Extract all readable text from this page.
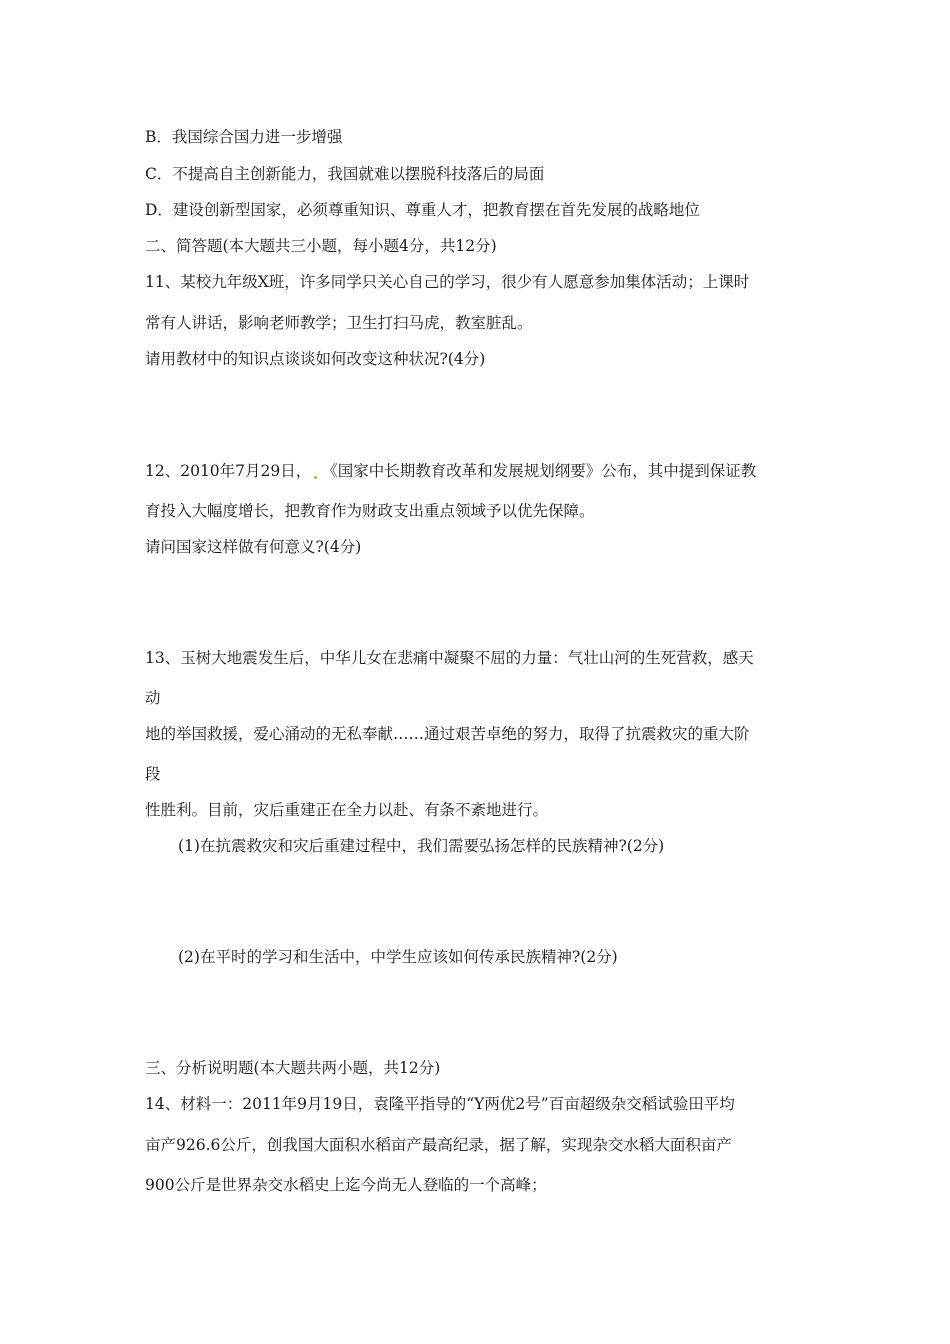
B．我国综合国力进一步增强
C．不提高自主创新能力，我国就难以摆脱科技落后的局面
D．建设创新型国家，必须尊重知识、尊重人才，把教育摆在首先发展的战略地位
二、简答题(本大题共三小题，每小题4分，共12分)
11、某校九年级X班，许多同学只关心自己的学习，很少有人愿意参加集体活动；上课时
常有人讲话，影响老师教学；卫生打扫马虎，教室脏乱。
请用教材中的知识点谈谈如何改变这种状况?(4分)
12、2010年7月29日， 《国家中长期教育改革和发展规划纲要》公布，其中提到保证教
育投入大幅度增长，把教育作为财政支出重点领域予以优先保障。
请问国家这样做有何意义?(4分)
13、玉树大地震发生后，中华儿女在悲痛中凝聚不屈的力量：气壮山河的生死营救，感天
动
地的举国救援，爱心涌动的无私奉献……通过艰苦卓绝的努力，取得了抗震救灾的重大阶
段
性胜利。目前，灾后重建正在全力以赴、有条不紊地进行。
(1)在抗震救灾和灾后重建过程中，我们需要弘扬怎样的民族精神?(2分)
(2)在平时的学习和生活中，中学生应该如何传承民族精神?(2分)
三、分析说明题(本大题共两小题，共12分)
14、材料一：2011年9月19日，袁隆平指导的“Y两优2号”百亩超级杂交稻试验田平均
亩产926.6公斤，创我国大面积水稻亩产最高纪录，据了解，实现杂交水稻大面积亩产
900公斤是世界杂交水稻史上迄今尚无人登临的一个高峰；
